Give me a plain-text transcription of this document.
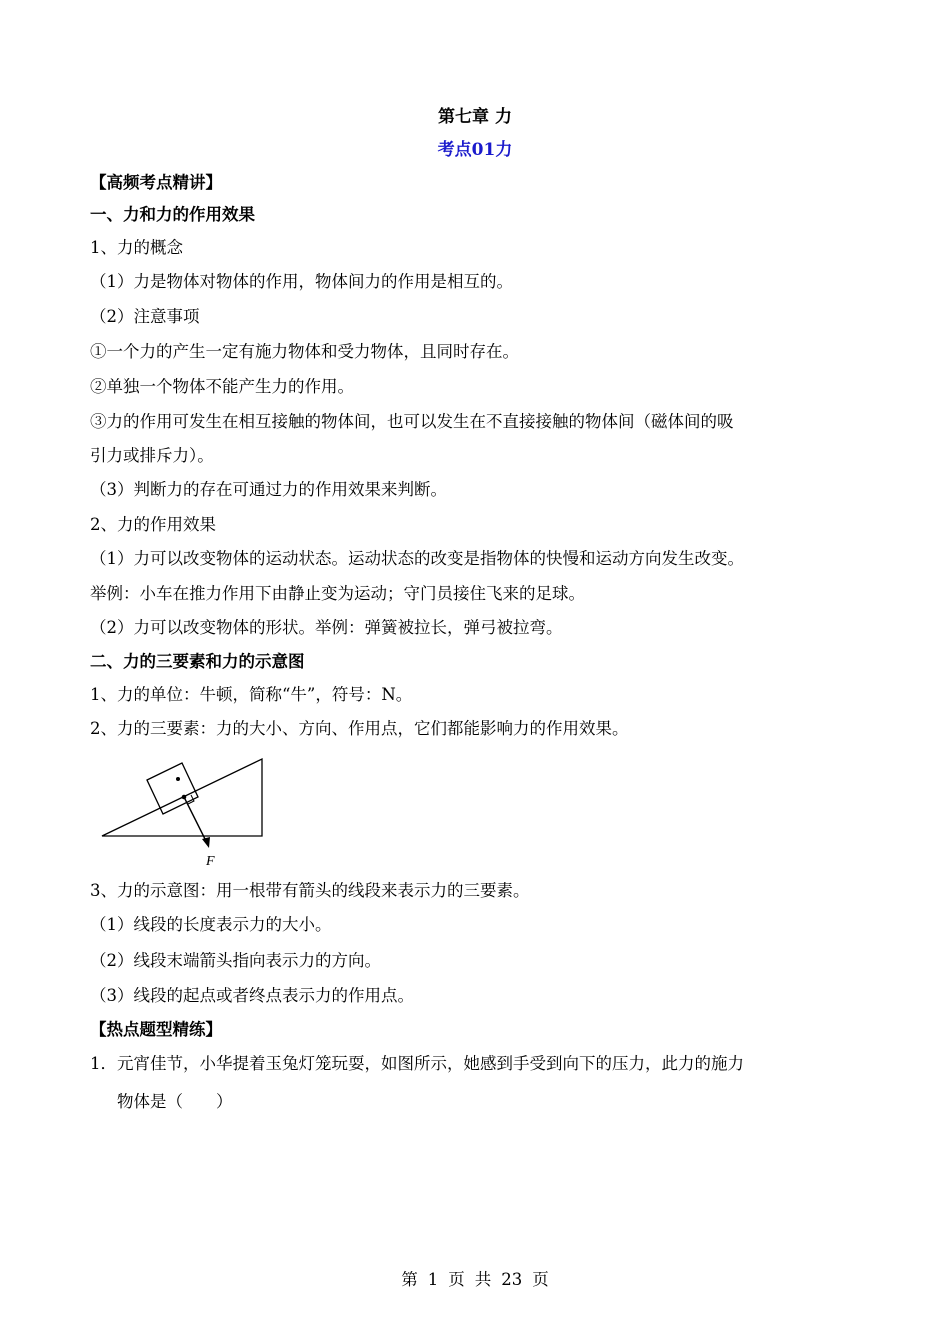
第七章 力
考点01力
【高频考点精讲】
一、力和力的作用效果
1、力的概念
（1）力是物体对物体的作用，物体间力的作用是相互的。
（2）注意事项
①一个力的产生一定有施力物体和受力物体，且同时存在。
②单独一个物体不能产生力的作用。
③力的作用可发生在相互接触的物体间，也可以发生在不直接接触的物体间（磁体间的吸
引力或排斥力）。
（3）判断力的存在可通过力的作用效果来判断。
2、力的作用效果
（1）力可以改变物体的运动状态。运动状态的改变是指物体的快慢和运动方向发生改变。
举例：小车在推力作用下由静止变为运动；守门员接住飞来的足球。
（2）力可以改变物体的形状。举例：弹簧被拉长，弹弓被拉弯。
二、力的三要素和力的示意图
1、力的单位：牛顿，简称“牛”，符号：N。
2、力的三要素：力的大小、方向、作用点，它们都能影响力的作用效果。
F
3、力的示意图：用一根带有箭头的线段来表示力的三要素。
（1）线段的长度表示力的大小。
（2）线段末端箭头指向表示力的方向。
（3）线段的起点或者终点表示力的作用点。
【热点题型精练】
1．元宵佳节，小华提着玉兔灯笼玩耍，如图所示，她感到手受到向下的压力，此力的施力
物体是（　　）
第 1 页 共 23 页
